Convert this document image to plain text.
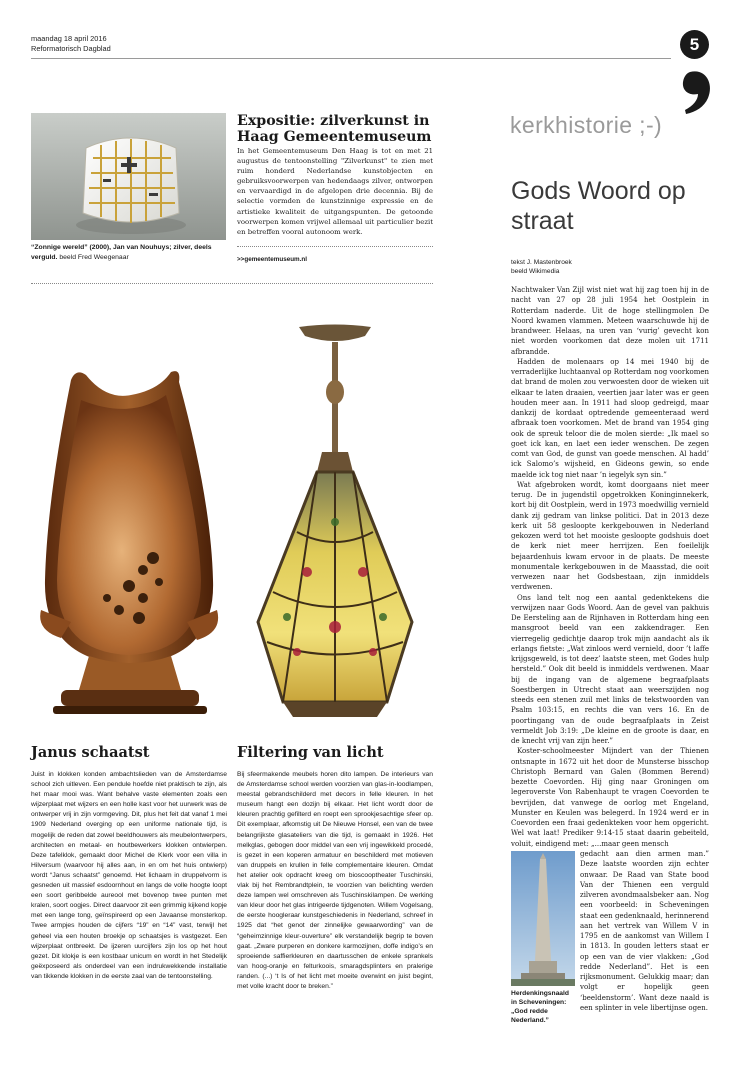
maandag 18 april 2016
Reformatorisch Dagblad	5
“Zonnige wereld” (2000), Jan van Nouhuys; zilver, deels verguld. beeld Fred Weegenaar
Expositie: zilverkunst in Haag Gemeentemuseum
In het Gemeentemuseum Den Haag is tot en met 21 augustus de tentoonstelling "Zilverkunst" te zien met ruim honderd Nederlandse kunstobjecten en gebruiksvoorwerpen van hedendaags zilver, ontworpen en vervaardigd in de afgelopen drie decennia. Bij de selectie vormden de kunstzinnige expressie en de artistieke kwaliteit de uitgangspunten. De getoonde voorwerpen komen vrijwel allemaal uit particulier bezit en betreffen vooral autonoom werk.
>>gemeentemuseum.nl
Janus schaatst	Filtering van licht
Juist in klokken konden ambachtslieden van de Amsterdamse school zich uitleven. Een pendule hoefde niet praktisch te zijn, als het maar mooi was. Want behalve vaste elementen zoals een wijzerplaat met wijzers en een holle kast voor het uurwerk was de ontwerper vrij in zijn vormgeving. Dit, plus het feit dat vanaf 1 mei 1909 Nederland overging op een uniforme nationale tijd, is mogelijk de reden dat zowel beeldhouwers als meubelontwerpers, architecten en metaal- en houtbewerkers klokken ontwierpen. Deze tafelklok, gemaakt door Michel de Klerk voor een villa in Hilversum (waarvoor hij alles aan, in en om het huis ontwierp) wordt “Janus schaatst” genoemd. Het lichaam in druppelvorm is gesneden uit massief esdoornhout en langs de volle hoogte loopt een soort geribbelde aureool met bovenop twee punten met kralen, soort oogjes. Direct daarvoor zit een grimmig kijkend kopje met een lange tong, geïnspireerd op een Javaanse monsterkop. Twee armpjes houden de cijfers “19” en “14” vast, terwijl het geheel via een houten broekje op schaatsjes is vastgezet. Een wijzerplaat ontbreekt. De ijzeren uurcijfers zijn los op het hout gezet. Dit klokje is een kostbaar unicum en wordt in het Stedelijk geëxposeerd als onderdeel van een indrukwekkende installatie van tikkende klokken in de eerste zaal van de tentoonstelling.
Bij sfeermakende meubels horen dito lampen. De interieurs van de Amsterdamse school werden voorzien van glas-in-loodlampen, meestal gebrandschilderd met decors in felle kleuren. In het museum hangt een dozijn bij elkaar. Het licht wordt door de kleuren prachtig gefilterd en roept een sprookjesachtige sfeer op. Dit exemplaar, afkomstig uit De Nieuwe Honsel, een van de twee belangrijkste glasateliers van die tijd, is gemaakt in 1926. Het melkglas, gebogen door middel van een vrij ingewikkeld procedé, is gezet in een koperen armatuur en beschilderd met motieven van druppels en krullen in felle complementaire kleuren. Omdat het atelier ook opdracht kreeg om bioscooptheater Tuschinski, vlak bij het Rembrandtplein, te voorzien van belichting werden deze lampen wel omschreven als Tuschinskilampen. De werking van kleur door het glas intrigeerde tijdgenoten. Willem Vogelsang, de eerste hoogleraar kunstgeschiedenis in Nederland, schreef in 1925 dat “het genot der zinnelijke gewaarwording” van de “geheimzinnige kleur-ouverture” elk verstandelijk begrip te boven gaat. „Zware purperen en donkere karmozijnen, doffe indigo’s en sproeiende saffierkleuren en daartusschen de enkele sprankels van hoog-oranje en felturkoois, smaragdsplinters en pralerige randen. (...) ‘t Is of het licht met moeite overwint en juist begint, met volle kracht door te breken.”
kerkhistorie ;-)
Gods Woord op straat
tekst J. Mastenbroek
beeld Wikimedia

Nachtwaker Van Zijl wist niet wat hij zag toen hij in de nacht van 27 op 28 juli 1954 het Oostplein in Rotterdam naderde. Uit de hoge stellingmolen De Noord kwamen vlammen. Meteen waarschuwde hij de brandweer. Helaas, na uren van ‘vurig’ gevecht kon niet worden voorkomen dat deze molen uit 1711 afbrandde.

Hadden de molenaars op 14 mei 1940 bij de verraderlijke luchtaanval op Rotterdam nog voorkomen dat brand de molen zou verwoesten door de wieken uit elkaar te laten draaien, veertien jaar later was er geen houden meer aan. In 1911 had sloop gedreigd, maar dankzij de kordaat optredende gemeenteraad werd afbraak toen voorkomen. Met de brand van 1954 ging ook de spreuk teloor die de molen sierde: „Ik mael so goet ick kan, en laet een ieder wenschen. De zegen comt van God, de gunst van goede menschen. Al hadd’ ick Salomo’s wijsheid, en Gideons gewin, so ende maelde ick tog niet naar ’n iegelyk syn sin.”

Wat afgebroken wordt, komt doorgaans niet meer terug. De in jugendstil opgetrokken Koninginnekerk, kort bij dit Oostplein, werd in 1973 moedwillig vernield dank zij gedram van linkse politici. Dat in 2013 deze kerk uit 58 gesloopte kerkgebouwen in Nederland gekozen werd tot het mooiste gesloopte godshuis doet de kerk niet meer herrijzen. Een foeilelijk bejaardenhuis kwam ervoor in de plaats. De meeste monumentale kerkgebouwen in de Maasstad, die ooit verwezen naar het Godsbestaan, zijn inmiddels verdwenen.

Ons land telt nog een aantal gedenktekens die verwijzen naar Gods Woord. Aan de gevel van pakhuis De Eersteling aan de Rijnhaven in Rotterdam hing een mansgroot beeld van een zakkendrager. Een vierregelig gedichtje daarop trok mijn aandacht als ik erlangs fietste: „Wat zinloos werd vernield, door ’t laffe krijgsgeweld, is tot deez’ laatste steen, met Godes hulp hersteld.” Ook dit beeld is inmiddels verdwenen. Maar bij de ingang van de algemene begraafplaats Soestbergen in Utrecht staat aan weerszijden nog steeds een stenen zuil met links de tekstwoorden van Psalm 103:15, en rechts die van vers 16. En de poortingang van de oude begraafplaats in Zeist vermeldt Job 3:19: „De kleine en de groote is daar, en de knecht vrij van zijn heer.”

Koster-schoolmeester Mijndert van der Thienen ontsnapte in 1672 uit het door de Munsterse bisschop Christoph Bernard van Galen (Bommen Berend) bezette Coevorden. Hij ging naar Groningen om legeroverste Von Rabenhaupt te vragen Coevorden te bevrijden, dat vanwege de oorlog met Engeland, Munster en Keulen was belegerd. In 1924 werd er in Coevorden een fraai gedenkteken voor hem opgericht. Wel wat laat! Prediker 9:14-15 staat daarin gebeiteld, voluit, eindigend met: „...maar geen mensch

Herdenkingsnaald in Scheveningen: „God redde Nederland.”
gedacht aan dien armen man.” Deze laatste woorden zijn echter onwaar. De Raad van State bood Van der Thienen een verguld zilveren avondmaalsbeker aan. Nog een voorbeeld: in Scheveningen staat een gedenknaald, herinnerend aan het vertrek van Willem V in 1795 en de aankomst van Willem I in 1813. In gouden letters staat er op een van de vier vlakken: „God redde Nederland”. Het is een rijksmonument. Gelukkig maar; dan volgt er hopelijk geen ‘beeldenstorm’. Want deze naald is een splinter in vele libertijnse ogen.
